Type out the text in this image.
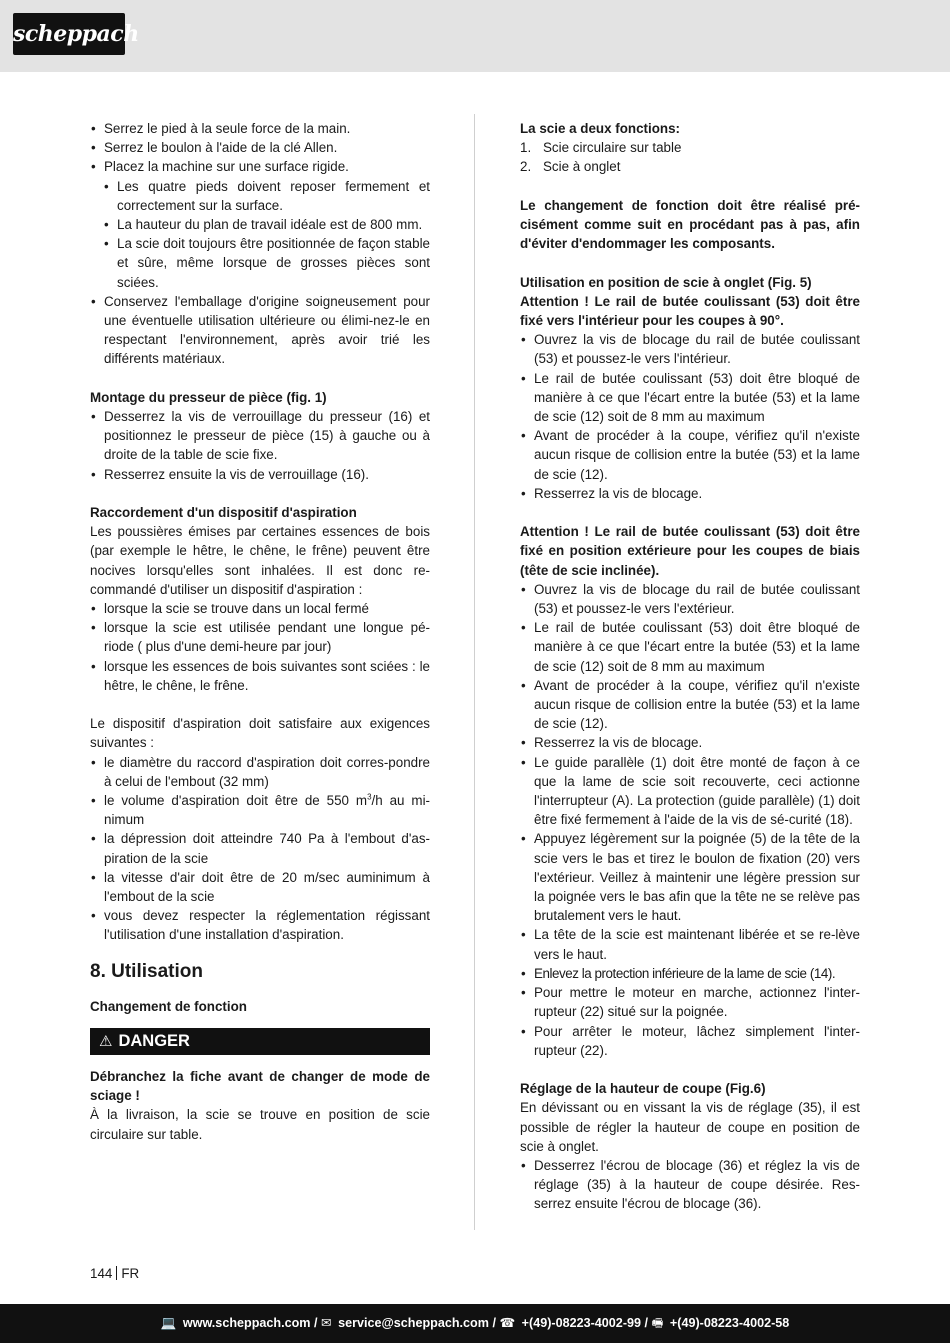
scheppach
• Serrez le pied à la seule force de la main.
• Serrez le boulon à l'aide de la clé Allen.
• Placez la machine sur une surface rigide.
• Les quatre pieds doivent reposer fermement et correctement sur la surface.
• La hauteur du plan de travail idéale est de 800 mm.
• La scie doit toujours être positionnée de façon stable et sûre, même lorsque de grosses pièces sont sciées.
• Conservez l'emballage d'origine soigneusement pour une éventuelle utilisation ultérieure ou élimi-nez-le en respectant l'environnement, après avoir trié les différents matériaux.
Montage du presseur de pièce (fig. 1)
• Desserrez la vis de verrouillage du presseur (16) et positionnez le presseur de pièce (15) à gauche ou à droite de la table de scie fixe.
• Resserrez ensuite la vis de verrouillage (16).
Raccordement d'un dispositif d'aspiration
Les poussières émises par certaines essences de bois (par exemple le hêtre, le chêne, le frêne) peuvent être nocives lorsqu'elles sont inhalées. Il est donc re-commandé d'utiliser un dispositif d'aspiration :
• lorsque la scie se trouve dans un local fermé
• lorsque la scie est utilisée pendant une longue pé-riode ( plus d'une demi-heure par jour)
• lorsque les essences de bois suivantes sont sciées : le hêtre, le chêne, le frêne.
Le dispositif d'aspiration doit satisfaire aux exigences suivantes :
• le diamètre du raccord d'aspiration doit corres-pondre à celui de l'embout (32 mm)
• le volume d'aspiration doit être de 550 $m^3/h$ au mi-nimum
• la dépression doit atteindre 740 Pa à l'embout d'as-piration de la scie
• la vitesse d'air doit être de 20 m/sec auminimum à l'embout de la scie
• vous devez respecter la réglementation régissant l'utilisation d'une installation d'aspiration.
8. Utilisation
Changement de fonction
⚠ DANGER
Débranchez la fiche avant de changer de mode de sciage !
À la livraison, la scie se trouve en position de scie circulaire sur table.
La scie a deux fonctions:
1. Scie circulaire sur table
2. Scie à onglet
Le changement de fonction doit être réalisé pré-cisément comme suit en procédant pas à pas, afin d'éviter d'endommager les composants.
Utilisation en position de scie à onglet (Fig. 5)
Attention ! Le rail de butée coulissant (53) doit être fixé vers l'intérieur pour les coupes à 90°.
• Ouvrez la vis de blocage du rail de butée coulissant (53) et poussez-le vers l'intérieur.
• Le rail de butée coulissant (53) doit être bloqué de manière à ce que l'écart entre la butée (53) et la lame de scie (12) soit de 8 mm au maximum
• Avant de procéder à la coupe, vérifiez qu'il n'existe aucun risque de collision entre la butée (53) et la lame de scie (12).
• Resserrez la vis de blocage.
Attention ! Le rail de butée coulissant (53) doit être fixé en position extérieure pour les coupes de biais (tête de scie inclinée).
• Ouvrez la vis de blocage du rail de butée coulissant (53) et poussez-le vers l'extérieur.
• Le rail de butée coulissant (53) doit être bloqué de manière à ce que l'écart entre la butée (53) et la lame de scie (12) soit de 8 mm au maximum
• Avant de procéder à la coupe, vérifiez qu'il n'existe aucun risque de collision entre la butée (53) et la lame de scie (12).
• Resserrez la vis de blocage.
• Le guide parallèle (1) doit être monté de façon à ce que la lame de scie soit recouverte, ceci actionne l'interrupteur (A). La protection (guide parallèle) (1) doit être fixé fermement à l'aide de la vis de sé-curité (18).
• Appuyez légèrement sur la poignée (5) de la tête de la scie vers le bas et tirez le boulon de fixation (20) vers l'extérieur. Veillez à maintenir une légère pression sur la poignée vers le bas afin que la tête ne se relève pas brutalement vers le haut.
• La tête de la scie est maintenant libérée et se re-lève vers le haut.
• Enlevez la protection inférieure de la lame de scie (14).
• Pour mettre le moteur en marche, actionnez l'inter-rupteur (22) situé sur la poignée.
• Pour arrêter le moteur, lâchez simplement l'inter-rupteur (22).
Réglage de la hauteur de coupe (Fig.6)
En dévissant ou en vissant la vis de réglage (35), il est possible de régler la hauteur de coupe en position de scie à onglet.
• Desserrez l'écrou de blocage (36) et réglez la vis de réglage (35) à la hauteur de coupe désirée. Res-serrez ensuite l'écrou de blocage (36).
144 FR
💻 www.scheppach.com / ✉ service@scheppach.com / ☎ +(49)-08223-4002-99 / 🖷 +(49)-08223-4002-58
